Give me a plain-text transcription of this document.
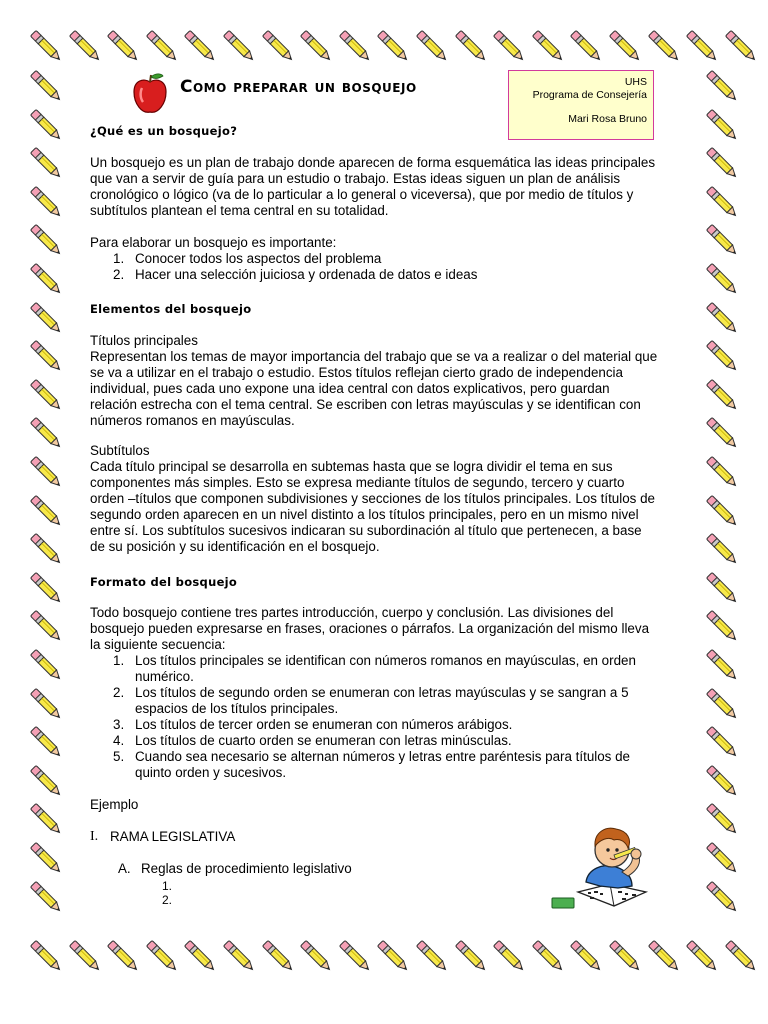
Como preparar un bosquejo	UHS
Programa de Consejería
Mari Rosa Bruno
¿Qué es un bosquejo?
Un bosquejo es un plan de trabajo donde aparecen de forma esquemática las ideas principales
que van a servir de guía para un estudio o trabajo. Estas ideas siguen un plan de análisis
cronológico o lógico (va de lo particular a lo general o viceversa), que por medio de títulos y
subtítulos plantean el tema central en su totalidad.
Para elaborar un bosquejo es importante:
1. Conocer todos los aspectos del problema
2. Hacer una selección juiciosa y ordenada de datos e ideas
Elementos del bosquejo
Títulos principales
Representan los temas de mayor importancia del trabajo que se va a realizar o del material que
se va a utilizar en el trabajo o estudio. Estos títulos reflejan cierto grado de independencia
individual, pues cada uno expone una idea central con datos explicativos, pero guardan
relación estrecha con el tema central. Se escriben con letras mayúsculas y se identifican con
números romanos en mayúsculas.
Subtítulos
Cada título principal se desarrolla en subtemas hasta que se logra dividir el tema en sus
componentes más simples. Esto se expresa mediante títulos de segundo, tercero y cuarto
orden –títulos que componen subdivisiones y secciones de los títulos principales. Los títulos de
segundo orden aparecen en un nivel distinto a los títulos principales, pero en un mismo nivel
entre sí. Los subtítulos sucesivos indicaran su subordinación al título que pertenecen, a base
de su posición y su identificación en el bosquejo.
Formato del bosquejo
Todo bosquejo contiene tres partes introducción, cuerpo y conclusión. Las divisiones del
bosquejo pueden expresarse en frases, oraciones o párrafos. La organización del mismo lleva
la siguiente secuencia:
1. Los títulos principales se identifican con números romanos en mayúsculas, en orden
numérico.
2. Los títulos de segundo orden se enumeran con letras mayúsculas y se sangran a 5
espacios de los títulos principales.
3. Los títulos de tercer orden se enumeran con números arábigos.
4. Los títulos de cuarto orden se enumeran con letras minúsculas.
5. Cuando sea necesario se alternan números y letras entre paréntesis para títulos de
quinto orden y sucesivos.
Ejemplo
I. RAMA LEGISLATIVA
A. Reglas de procedimiento legislativo
1.
2.
